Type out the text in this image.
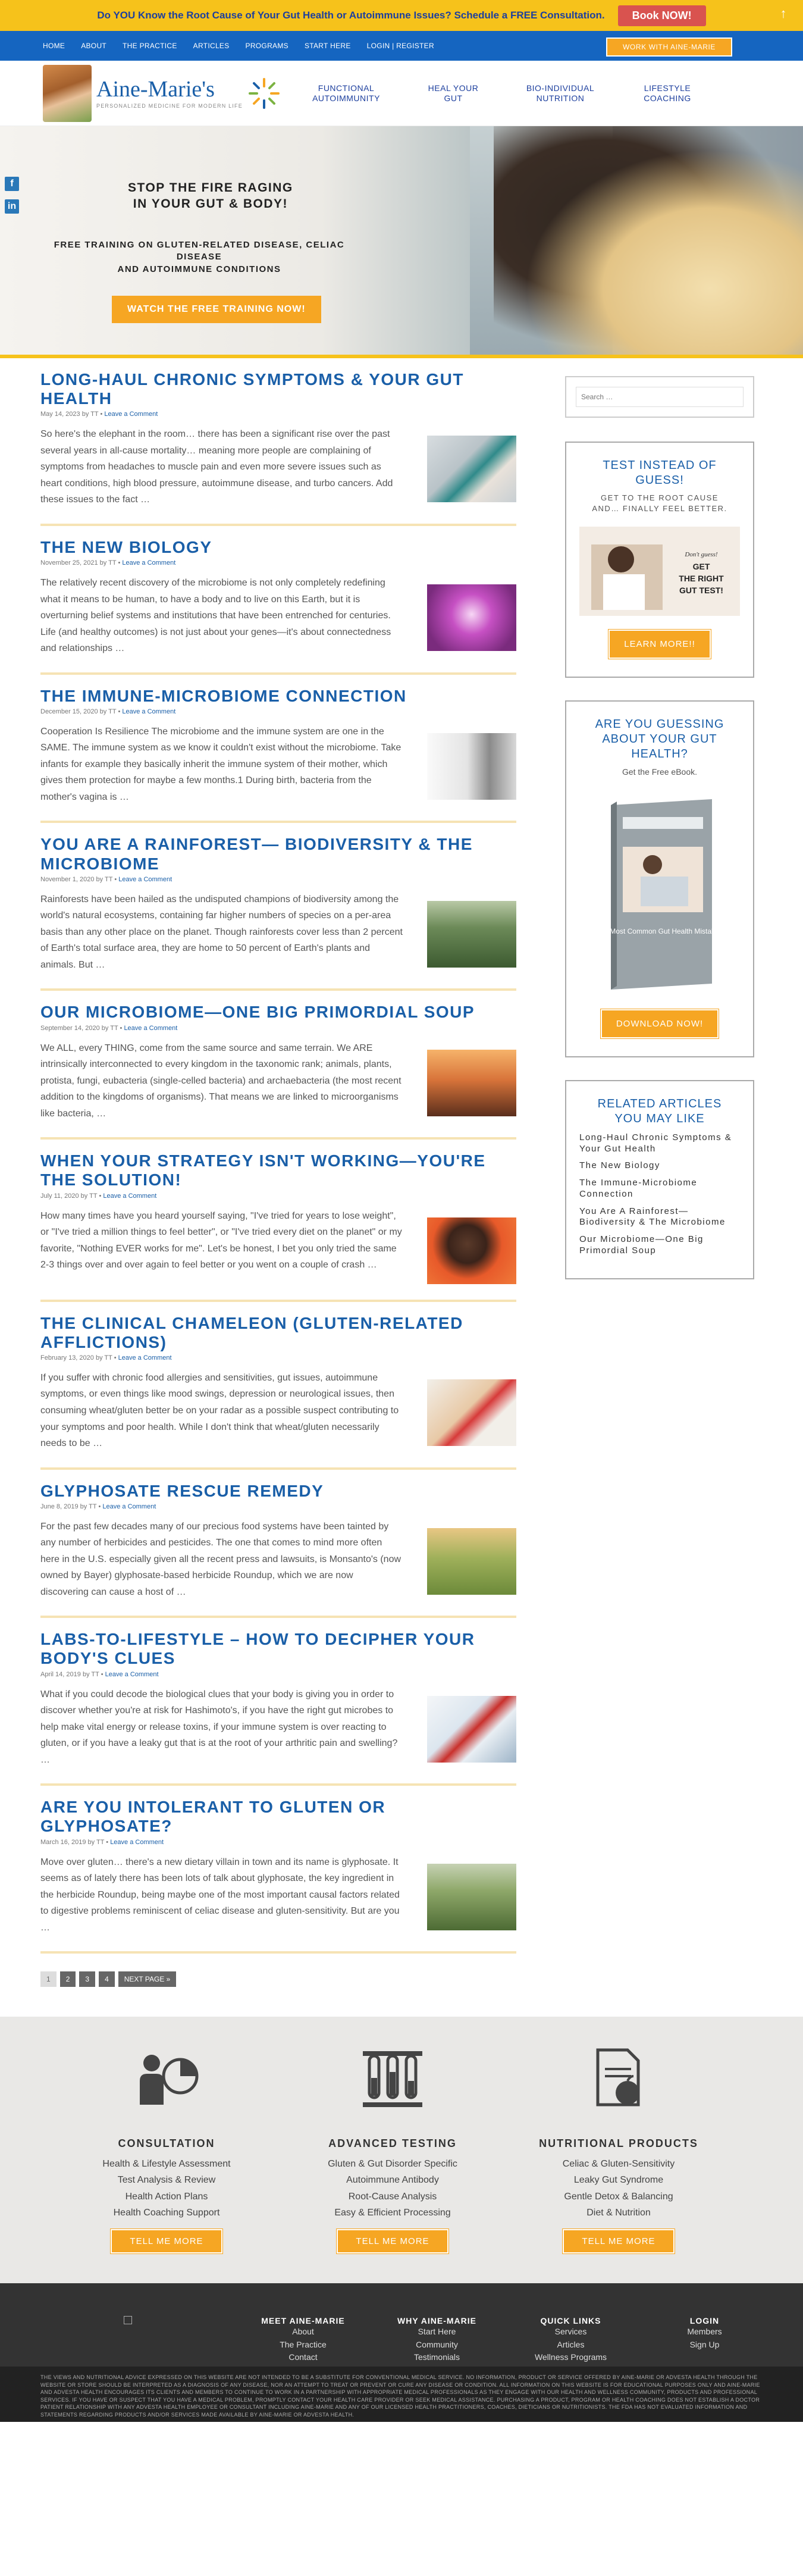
Do YOU Know the Root Cause of Your Gut Health or Autoimmune Issues? Schedule a FREE Consultation.	Book NOW!	↑
HOME ABOUT THE PRACTICE ARTICLES PROGRAMS START HERE LOGIN | REGISTER	WORK WITH AINE-MARIE
Aine-Marie's
PERSONALIZED MEDICINE FOR MODERN LIFE
FUNCTIONAL
AUTOIMMUNITY
HEAL YOUR
GUT
BIO-INDIVIDUAL
NUTRITION
LIFESTYLE
COACHING
f
in
STOP THE FIRE RAGING
IN YOUR GUT & BODY!
FREE TRAINING ON GLUTEN-RELATED DISEASE, CELIAC DISEASE
AND AUTOIMMUNE CONDITIONS
WATCH THE FREE TRAINING NOW!
LONG-HAUL CHRONIC SYMPTOMS & YOUR GUT HEALTH
May 14, 2023 by TT • Leave a Comment

So here's the elephant in the room… there has been a significant rise over the past several years in all-cause mortality… meaning more people are complaining of symptoms from headaches to muscle pain and even more severe issues such as heart conditions, high blood pressure, autoimmune disease, and turbo cancers. Add these issues to the fact …

THE NEW BIOLOGY
November 25, 2021 by TT • Leave a Comment

The relatively recent discovery of the microbiome is not only completely redefining what it means to be human, to have a body and to live on this Earth, but it is overturning belief systems and institutions that have been entrenched for centuries. Life (and healthy outcomes) is not just about your genes—it's about connectedness and relationships …

THE IMMUNE-MICROBIOME CONNECTION
December 15, 2020 by TT • Leave a Comment

Cooperation Is Resilience The microbiome and the immune system are one in the SAME. The immune system as we know it couldn't exist without the microbiome. Take infants for example they basically inherit the immune system of their mother, which gives them protection for maybe a few months.1 During birth, bacteria from the mother's vagina is …

YOU ARE A RAINFOREST— BIODIVERSITY & THE MICROBIOME
November 1, 2020 by TT • Leave a Comment

Rainforests have been hailed as the undisputed champions of biodiversity among the world's natural ecosystems, containing far higher numbers of species on a per-area basis than any other place on the planet. Though rainforests cover less than 2 percent of Earth's total surface area, they are home to 50 percent of Earth's plants and animals. But …

OUR MICROBIOME—ONE BIG PRIMORDIAL SOUP
September 14, 2020 by TT • Leave a Comment

We ALL, every THING, come from the same source and same terrain. We ARE intrinsically interconnected to every kingdom in the taxonomic rank; animals, plants, protista, fungi, eubacteria (single-celled bacteria) and archaebacteria (the most recent addition to the kingdoms of organisms). That means we are linked to microorganisms like bacteria, …

WHEN YOUR STRATEGY ISN'T WORKING—YOU'RE THE SOLUTION!
July 11, 2020 by TT • Leave a Comment

How many times have you heard yourself saying, "I've tried for years to lose weight", or "I've tried a million things to feel better", or "I've tried every diet on the planet" or my favorite, "Nothing EVER works for me". Let's be honest, I bet you only tried the same 2-3 things over and over again to feel better or you went on a couple of crash …

THE CLINICAL CHAMELEON (GLUTEN-RELATED AFFLICTIONS)
February 13, 2020 by TT • Leave a Comment

If you suffer with chronic food allergies and sensitivities, gut issues, autoimmune symptoms, or even things like mood swings, depression or neurological issues, then consuming wheat/gluten better be on your radar as a possible suspect contributing to your symptoms and poor health. While I don't think that wheat/gluten necessarily needs to be …

GLYPHOSATE RESCUE REMEDY
June 8, 2019 by TT • Leave a Comment

For the past few decades many of our precious food systems have been tainted by any number of herbicides and pesticides. The one that comes to mind more often here in the U.S. especially given all the recent press and lawsuits, is Monsanto's (now owned by Bayer) glyphosate-based herbicide Roundup, which we are now discovering can cause a host of …

LABS-TO-LIFESTYLE – HOW TO DECIPHER YOUR BODY'S CLUES
April 14, 2019 by TT • Leave a Comment

What if you could decode the biological clues that your body is giving you in order to discover whether you're at risk for Hashimoto's, if you have the right gut microbes to help make vital energy or release toxins, if your immune system is over reacting to gluten, or if you have a leaky gut that is at the root of your arthritic pain and swelling? …

ARE YOU INTOLERANT TO GLUTEN OR GLYPHOSATE?
March 16, 2019 by TT • Leave a Comment

Move over gluten… there's a new dietary villain in town and its name is glyphosate. It seems as of lately there has been lots of talk about glyphosate, the key ingredient in the herbicide Roundup, being maybe one of the most important causal factors related to digestive problems reminiscent of celiac disease and gluten-sensitivity. But are you …

1	2	3	4	NEXT PAGE »
Search …
TEST INSTEAD OF
GUESS!
GET TO THE ROOT CAUSE
AND… FINALLY FEEL BETTER.
Don't guess!
GET
THE RIGHT
GUT TEST!
LEARN MORE!!
ARE YOU GUESSING
ABOUT YOUR GUT
HEALTH?
Get the Free eBook.
3 Most Common Gut Health Mistakes
DOWNLOAD NOW!
RELATED ARTICLES
YOU MAY LIKE
Long-Haul Chronic Symptoms & Your Gut Health
The New Biology
The Immune-Microbiome Connection
You Are A Rainforest— Biodiversity & The Microbiome
Our Microbiome—One Big Primordial Soup
CONSULTATION
Health & Lifestyle Assessment
Test Analysis & Review
Health Action Plans
Health Coaching Support
TELL ME MORE
ADVANCED TESTING
Gluten & Gut Disorder Specific
Autoimmune Antibody
Root-Cause Analysis
Easy & Efficient Processing
TELL ME MORE
NUTRITIONAL PRODUCTS
Celiac & Gluten-Sensitivity
Leaky Gut Syndrome
Gentle Detox & Balancing
Diet & Nutrition
TELL ME MORE
MEET AINE-MARIE
About
The Practice
Contact
WHY AINE-MARIE
Start Here
Community
Testimonials
QUICK LINKS
Services
Articles
Wellness Programs
LOGIN
Members
Sign Up
THE VIEWS AND NUTRITIONAL ADVICE EXPRESSED ON THIS WEBSITE ARE NOT INTENDED TO BE A SUBSTITUTE FOR CONVENTIONAL MEDICAL SERVICE. NO INFORMATION, PRODUCT OR SERVICE OFFERED BY AINE-MARIE OR ADVESTA HEALTH THROUGH THE WEBSITE OR STORE SHOULD BE INTERPRETED AS A DIAGNOSIS OF ANY DISEASE, NOR AN ATTEMPT TO TREAT OR PREVENT OR CURE ANY DISEASE OR CONDITION. ALL INFORMATION ON THIS WEBSITE IS FOR EDUCATIONAL PURPOSES ONLY AND AINE-MARIE AND ADVESTA HEALTH ENCOURAGES ITS CLIENTS AND MEMBERS TO CONTINUE TO WORK IN A PARTNERSHIP WITH APPROPRIATE MEDICAL PROFESSIONALS AS THEY ENGAGE WITH OUR HEALTH AND WELLNESS COMMUNITY, PRODUCTS AND PROFESSIONAL SERVICES. IF YOU HAVE OR SUSPECT THAT YOU HAVE A MEDICAL PROBLEM, PROMPTLY CONTACT YOUR HEALTH CARE PROVIDER OR SEEK MEDICAL ASSISTANCE. PURCHASING A PRODUCT, PROGRAM OR HEALTH COACHING DOES NOT ESTABLISH A DOCTOR PATIENT RELATIONSHIP WITH ANY ADVESTA HEALTH EMPLOYEE OR CONSULTANT INCLUDING AINE-MARIE AND ANY OF OUR LICENSED HEALTH PRACTITIONERS, COACHES, DIETICIANS OR NUTRITIONISTS. THE FDA HAS NOT EVALUATED INFORMATION AND STATEMENTS REGARDING PRODUCTS AND/OR SERVICES MADE AVAILABLE BY AINE-MARIE OR ADVESTA HEALTH.
